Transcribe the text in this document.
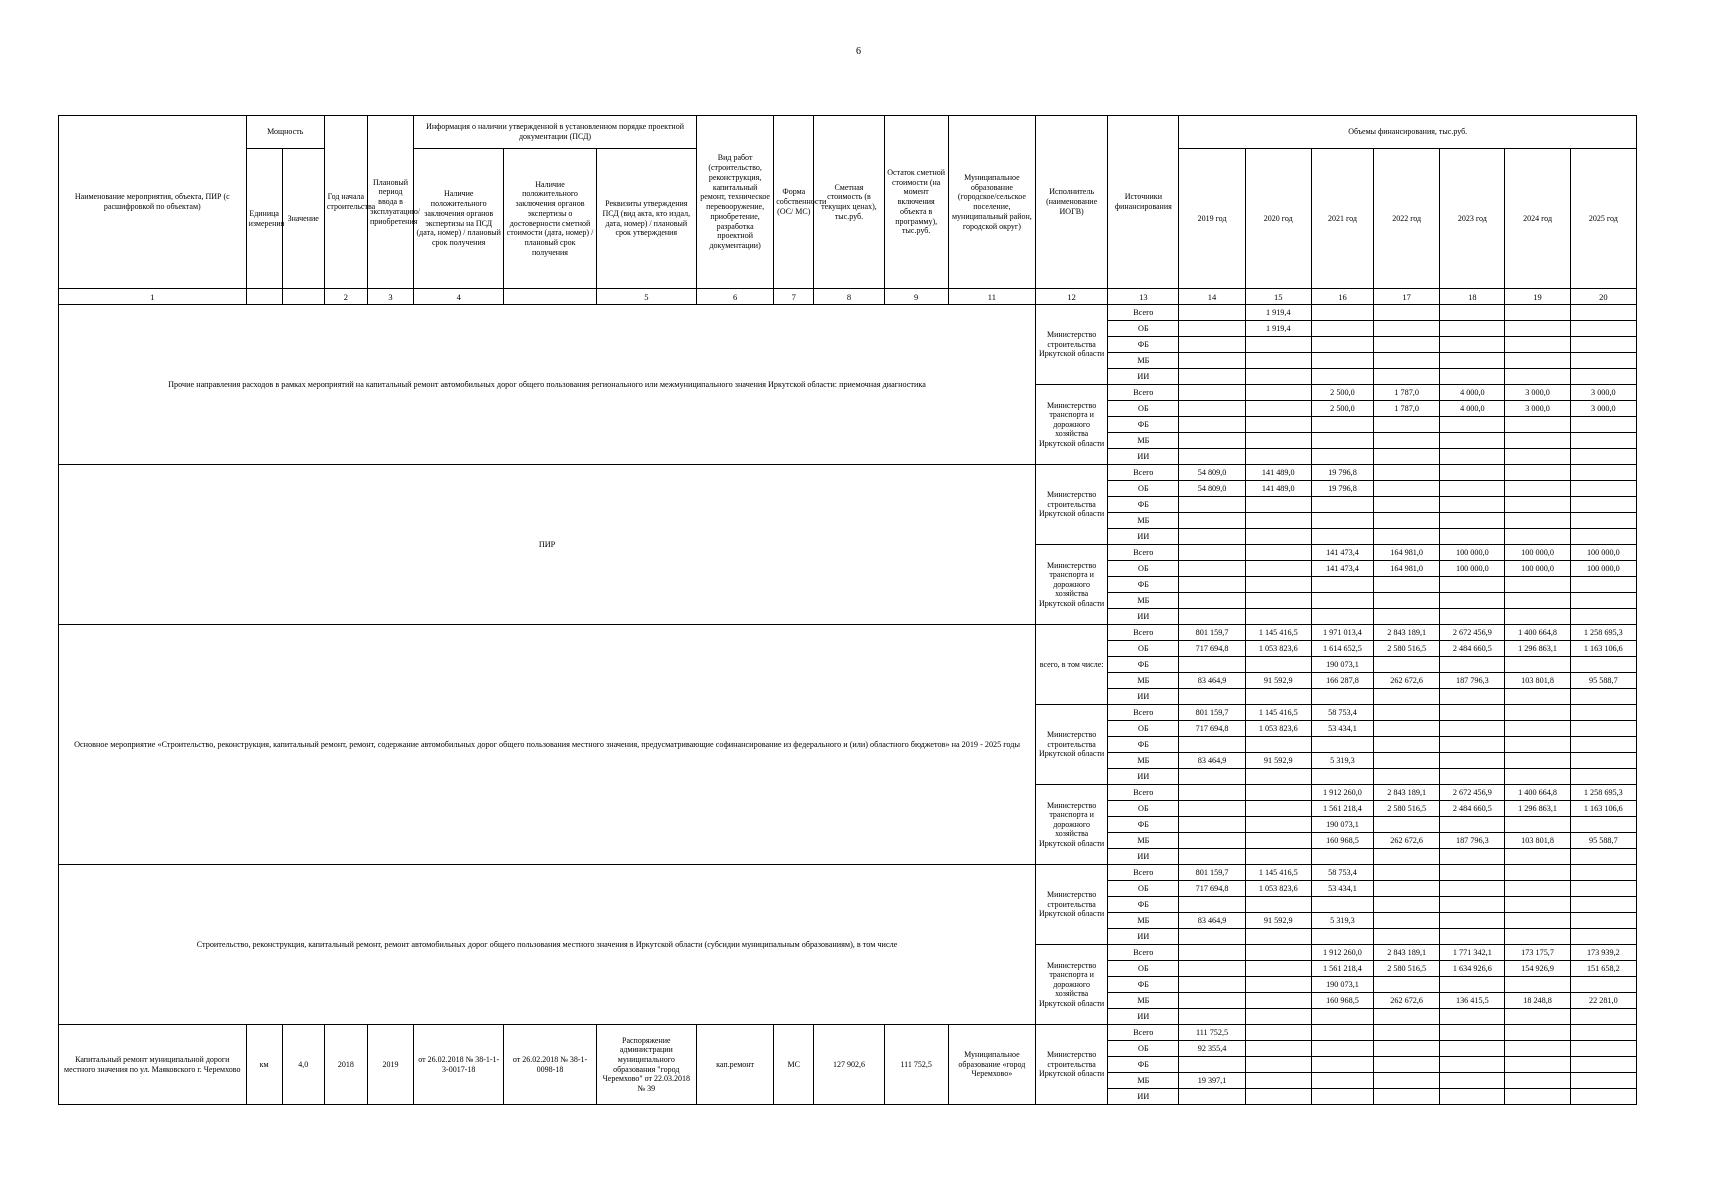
6
Наименование мероприятия, объекта, ПИР (с расшифровкой по объектам)	Мощность		Год начала строительства	Плановый период ввода в эксплуатацию/приобретения	Информация о наличии утвержденной в установленном порядке проектной документации (ПСД)			Вид работ (строительство, реконструкция, капитальный ремонт, техническое перевооружение, приобретение, разработка проектной документации)	Форма собственности (ОС/ МС)	Сметная стоимость (в текущих ценах), тыс.руб.	Остаток сметной стоимости (на момент включения объекта в программу), тыс.руб.	Муниципальное образование (городское/сельское поселение, муниципальный район, городской округ)	Исполнитель (наименование ИОГВ)	Источники финансирования	Объемы финансирования, тыс.руб.						
	Единица измерения	Значение			Наличие положительного заключения органов экспертизы на ПСД (дата, номер) / плановый срок получения	Наличие положительного заключения органов экспертизы о достоверности сметной стоимости (дата, номер) / плановый срок получения	Реквизиты утверждения ПСД (вид акта, кто издал, дата, номер) / плановый срок утверждения								2019 год	2020 год	2021 год	2022 год	2023 год	2024 год	2025 год
1			2	3	4		5	6	7	8	9	11	12	13	14	15	16	17	18	19	20
Прочие направления расходов в рамках мероприятий на капитальный ремонт автомобильных дорог общего пользования регионального или межмуниципального значения Иркутской области: приемочная диагностика													Министерство строительства Иркутской области	Всего		1 919,4					
														ОБ		1 919,4					
														ФБ							
														МБ							
														ИИ							
													Министерство транспорта и дорожного хозяйства Иркутской области	Всего			2 500,0	1 787,0	4 000,0	3 000,0	3 000,0
														ОБ			2 500,0	1 787,0	4 000,0	3 000,0	3 000,0
														ФБ							
														МБ							
														ИИ							
ПИР													Министерство строительства Иркутской области	Всего	54 809,0	141 489,0	19 796,8				
														ОБ	54 809,0	141 489,0	19 796,8				
														ФБ							
														МБ							
														ИИ							
													Министерство транспорта и дорожного хозяйства Иркутской области	Всего			141 473,4	164 981,0	100 000,0	100 000,0	100 000,0
														ОБ			141 473,4	164 981,0	100 000,0	100 000,0	100 000,0
														ФБ							
														МБ							
														ИИ							
Основное мероприятие «Строительство, реконструкция, капитальный ремонт, ремонт, содержание автомобильных дорог общего пользования местного значения, предусматривающие софинансирование из федерального и (или) областного бюджетов» на 2019 - 2025 годы													всего, в том числе:	Всего	801 159,7	1 145 416,5	1 971 013,4	2 843 189,1	2 672 456,9	1 400 664,8	1 258 695,3
														ОБ	717 694,8	1 053 823,6	1 614 652,5	2 580 516,5	2 484 660,5	1 296 863,1	1 163 106,6
														ФБ			190 073,1				
														МБ	83 464,9	91 592,9	166 287,8	262 672,6	187 796,3	103 801,8	95 588,7
														ИИ							
													Министерство строительства Иркутской области	Всего	801 159,7	1 145 416,5	58 753,4				
														ОБ	717 694,8	1 053 823,6	53 434,1				
														ФБ							
														МБ	83 464,9	91 592,9	5 319,3				
														ИИ							
													Министерство транспорта и дорожного хозяйства Иркутской области	Всего			1 912 260,0	2 843 189,1	2 672 456,9	1 400 664,8	1 258 695,3
														ОБ			1 561 218,4	2 580 516,5	2 484 660,5	1 296 863,1	1 163 106,6
														ФБ			190 073,1				
														МБ			160 968,5	262 672,6	187 796,3	103 801,8	95 588,7
														ИИ							
Строительство, реконструкция, капитальный ремонт, ремонт автомобильных дорог общего пользования местного значения в Иркутской области (субсидии муниципальным образованиям), в том числе													Министерство строительства Иркутской области	Всего	801 159,7	1 145 416,5	58 753,4				
														ОБ	717 694,8	1 053 823,6	53 434,1				
														ФБ							
														МБ	83 464,9	91 592,9	5 319,3				
														ИИ							
													Министерство транспорта и дорожного хозяйства Иркутской области	Всего			1 912 260,0	2 843 189,1	1 771 342,1	173 175,7	173 939,2
														ОБ			1 561 218,4	2 580 516,5	1 634 926,6	154 926,9	151 658,2
														ФБ			190 073,1				
														МБ			160 968,5	262 672,6	136 415,5	18 248,8	22 281,0
														ИИ							
Капитальный ремонт муниципальной дороги местного значения по ул. Маяковского г. Черемхово	км	4,0	2018	2019	от 26.02.2018 № 38-1-1-3-0017-18	от 26.02.2018 № 38-1-0098-18	Распоряжение администрации муниципального образования "город Черемхово" от 22.03.2018 № 39	кап.ремонт	МС	127 902,6	111 752,5	Муниципальное образование «город Черемхово»	Министерство строительства Иркутской области	Всего	111 752,5						
														ОБ	92 355,4						
														ФБ							
														МБ	19 397,1						
														ИИ							
